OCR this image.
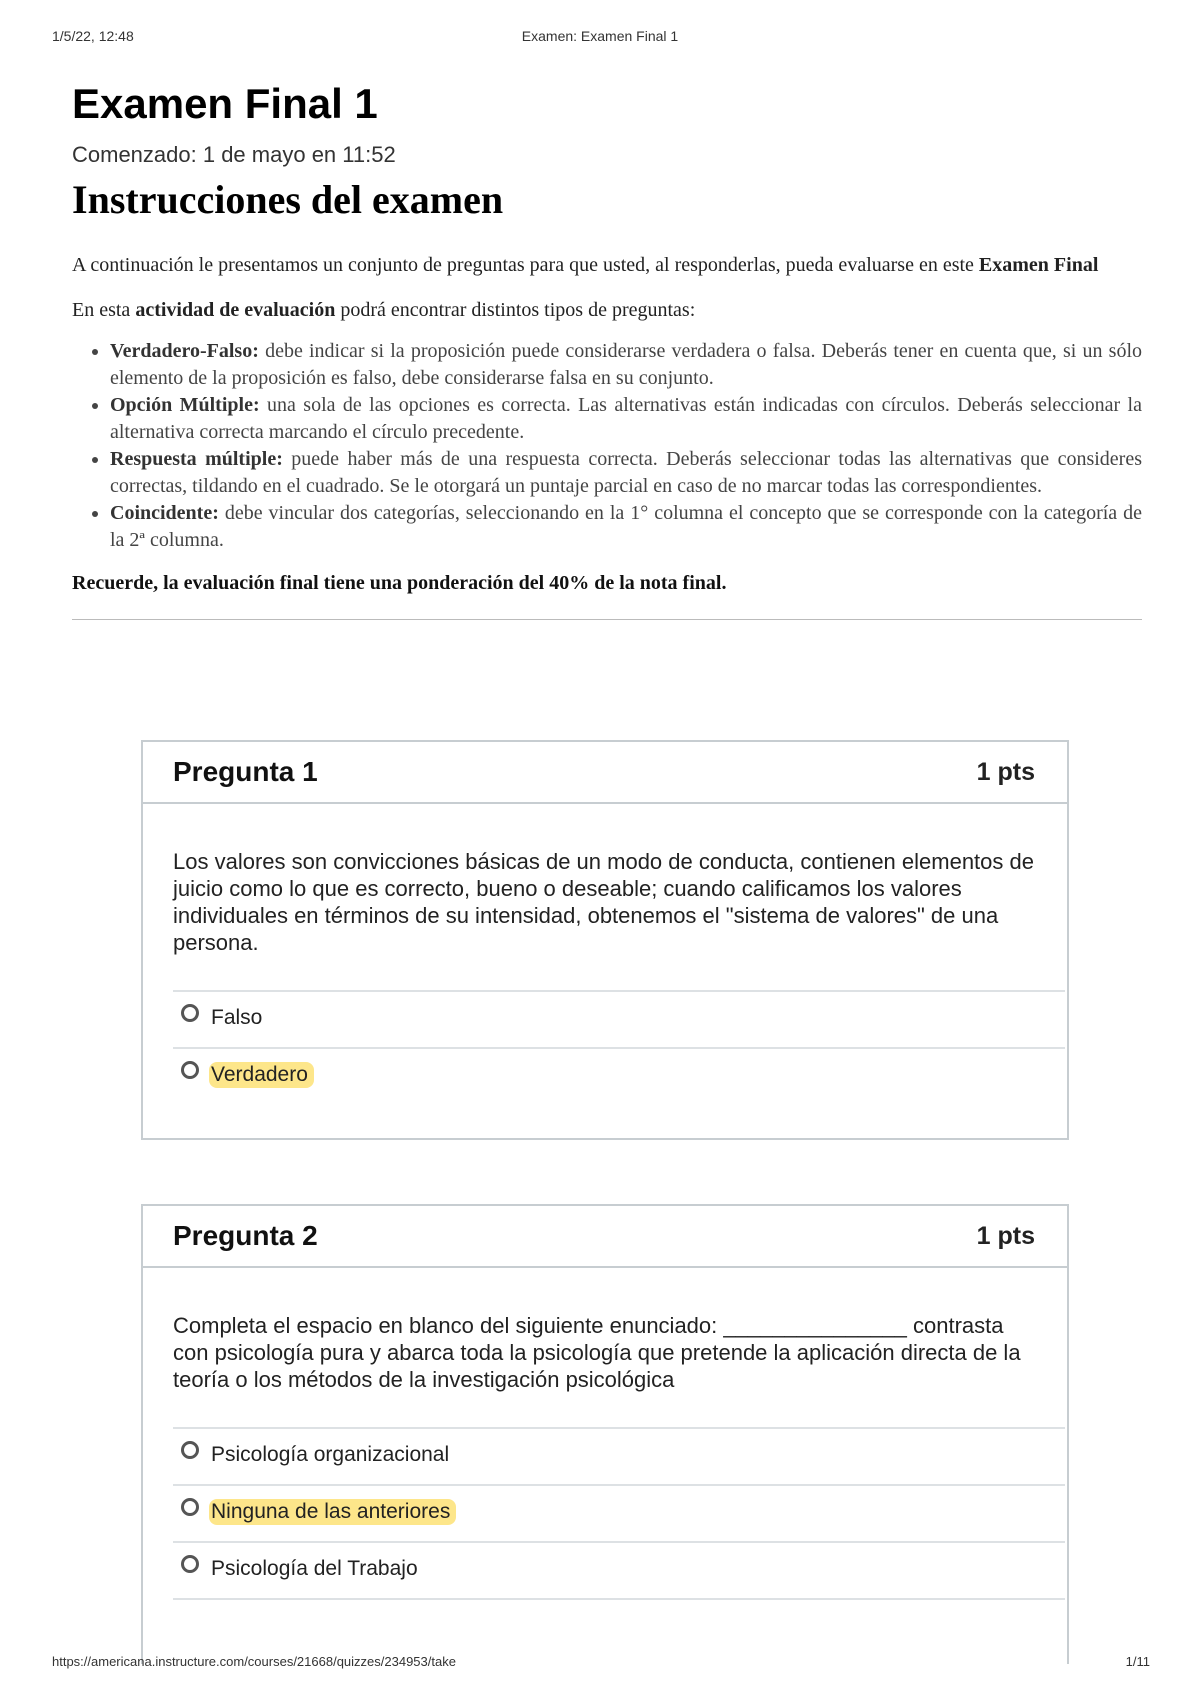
1/5/22, 12:48	Examen: Examen Final 1
Examen Final 1
Comenzado: 1 de mayo en 11:52
Instrucciones del examen

A continuación le presentamos un conjunto de preguntas para que usted, al responderlas, pueda evaluarse en este Examen Final

En esta actividad de evaluación podrá encontrar distintos tipos de preguntas:
• Verdadero-Falso: debe indicar si la proposición puede considerarse verdadera o falsa. Deberás tener en cuenta que, si un sólo elemento de la proposición es falso, debe considerarse falsa en su conjunto.
• Opción Múltiple: una sola de las opciones es correcta. Las alternativas están indicadas con círculos. Deberás seleccionar la alternativa correcta marcando el círculo precedente.
• Respuesta múltiple: puede haber más de una respuesta correcta. Deberás seleccionar todas las alternativas que consideres correctas, tildando en el cuadrado. Se le otorgará un puntaje parcial en caso de no marcar todas las correspondientes.
• Coincidente: debe vincular dos categorías, seleccionando en la 1° columna el concepto que se corresponde con la categoría de la 2ª columna.
Recuerde, la evaluación final tiene una ponderación del 40% de la nota final.
Pregunta 1	1 pts
Los valores son convicciones básicas de un modo de conducta, contienen elementos de juicio como lo que es correcto, bueno o deseable; cuando calificamos los valores individuales en términos de su intensidad, obtenemos el "sistema de valores" de una persona.
Falso
Verdadero
Pregunta 2	1 pts
Completa el espacio en blanco del siguiente enunciado: _______________ contrasta con psicología pura y abarca toda la psicología que pretende la aplicación directa de la teoría o los métodos de la investigación psicológica
Psicología organizacional
Ninguna de las anteriores
Psicología del Trabajo
https://americana.instructure.com/courses/21668/quizzes/234953/take	1/11
